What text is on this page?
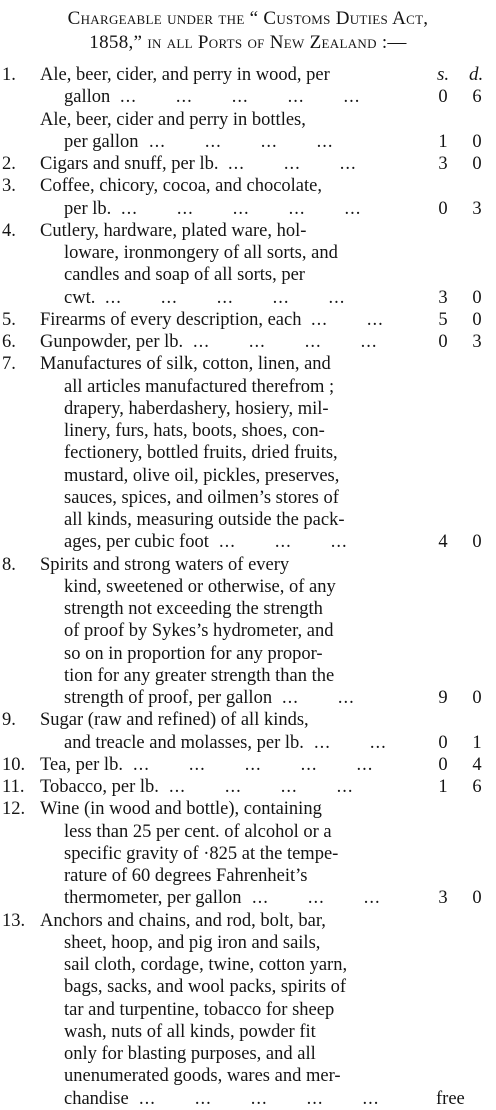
Chargeable under the “ Customs Duties Act,
1858,” in all Ports of New Zealand :—
s. d.
1.	Ale, beer, cider, and perry in wood, per
gallon	0 6
...  ...  ...  ...  ...
Ale, beer, cider and perry in bottles,
per gallon	1 0
...  ...  ...  ...
2.	Cigars and snuff, per lb.	3 0
...  ...  ...
3.	Coffee, chicory, cocoa, and chocolate,
per lb.	0 3
...  ...  ...  ...  ...
4.	Cutlery, hardware, plated ware, hol-
loware, ironmongery of all sorts, and
candles and soap of all sorts, per
cwt.	3 0
...  ...  ...  ...  ...
5.	Firearms of every description, each	5 0
...  ...
6.	Gunpowder, per lb.	0 3
...  ...  ...  ...
7.	Manufactures of silk, cotton, linen, and
all articles manufactured therefrom ;
drapery, haberdashery, hosiery, mil-
linery, furs, hats, boots, shoes, con-
fectionery, bottled fruits, dried fruits,
mustard, olive oil, pickles, preserves,
sauces, spices, and oilmen’s stores of
all kinds, measuring outside the pack-
ages, per cubic foot	4 0
...  ...  ...
8.	Spirits and strong waters of every
kind, sweetened or otherwise, of any
strength not exceeding the strength
of proof by Sykes’s hydrometer, and
so on in proportion for any propor-
tion for any greater strength than the
strength of proof, per gallon	9 0
...  ...
9.	Sugar (raw and refined) of all kinds,
and treacle and molasses, per lb.	0 1
...  ...
10. Tea, per lb.	0 4
...  ...  ...  ...  ...
11. Tobacco, per lb.	1 6
...  ...  ...  ...
12. Wine (in wood and bottle), containing
less than 25 per cent. of alcohol or a
specific gravity of ·825 at the tempe-
rature of 60 degrees Fahrenheit’s
thermometer, per gallon	3 0
...  ...  ...
13. Anchors and chains, and rod, bolt, bar,
sheet, hoop, and pig iron and sails,
sail cloth, cordage, twine, cotton yarn,
bags, sacks, and wool packs, spirits of
tar and turpentine, tobacco for sheep
wash, nuts of all kinds, powder fit
only for blasting purposes, and all
unenumerated goods, wares and mer-
chandise	free
...  ...  ...  ...  ...
